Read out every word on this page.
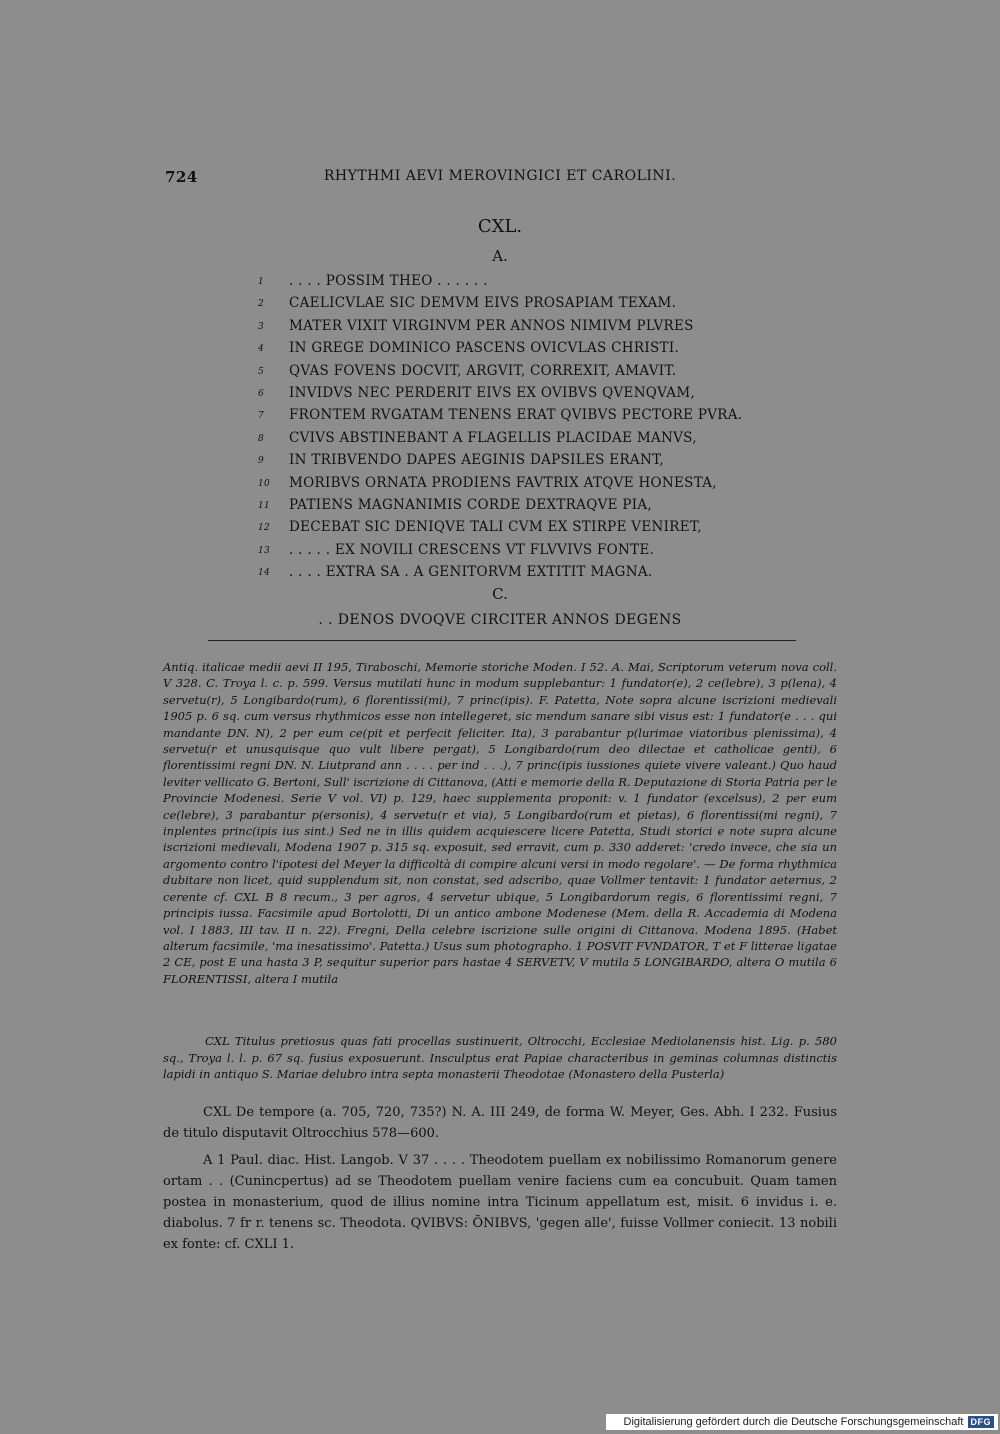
724	RHYTHMI AEVI MEROVINGICI ET CAROLINI.
CXL.
A.
1	. . . . POSSIM THEO . . . . . .
2	CAELICVLAE SIC DEMVM EIVS PROSAPIAM TEXAM.
3	MATER VIXIT VIRGINVM PER ANNOS NIMIVM PLVRES
4	IN GREGE DOMINICO PASCENS OVICVLAS CHRISTI.
5	QVAS FOVENS DOCVIT, ARGVIT, CORREXIT, AMAVIT.
6	INVIDVS NEC PERDERIT EIVS EX OVIBVS QVENQVAM,
7	FRONTEM RVGATAM TENENS ERAT QVIBVS PECTORE PVRA.
8	CVIVS ABSTINEBANT A FLAGELLIS PLACIDAE MANVS,
9	IN TRIBVENDO DAPES AEGINIS DAPSILES ERANT,
10	MORIBVS ORNATA PRODIENS FAVTRIX ATQVE HONESTA,
11	PATIENS MAGNANIMIS CORDE DEXTRAQVE PIA,
12	DECEBAT SIC DENIQVE TALI CVM EX STIRPE VENIRET,
13	. . . . . EX NOVILI CRESCENS VT FLVVIVS FONTE.
14	. . . . EXTRA SA . A GENITORVM EXTITIT MAGNA.
C.
. . DENOS DVOQVE CIRCITER ANNOS DEGENS

Antiq. italicae medii aevi II 195, Tiraboschi, Memorie storiche Moden. I 52. A. Mai, Scriptorum veterum nova coll. V 328. C. Troya l. c. p. 599. Versus mutilati hunc in modum supplebantur: 1 fundator(e), 2 ce(lebre), 3 p(lena), 4 servetu(r), 5 Longibardo(rum), 6 florentissi(mi), 7 princ(ipis). F. Patetta, Note sopra alcune iscrizioni medievali 1905 p. 6 sq. cum versus rhythmicos esse non intellegeret, sic mendum sanare sibi visus est: 1 fundator(e . . . qui mandante DN. N), 2 per eum ce(pit et perfecit feliciter. Ita), 3 parabantur p(lurimae viatoribus plenissima), 4 servetu(r et unusquisque quo vult libere pergat), 5 Longibardo(rum deo dilectae et catholicae genti), 6 florentissimi regni DN. N. Liutprand ann . . . . per ind . . .), 7 princ(ipis iussiones quiete vivere valeant.) Quo haud leviter vellicato G. Bertoni, Sull' iscrizione di Cittanova, (Atti e memorie della R. Deputazione di Storia Patria per le Provincie Modenesi. Serie V vol. VI) p. 129, haec supplementa proponit: v. 1 fundator (excelsus), 2 per eum ce(lebre), 3 parabantur p(ersonis), 4 servetu(r et via), 5 Longibardo(rum et pietas), 6 florentissi(mi regni), 7 inplentes princ(ipis ius sint.) Sed ne in illis quidem acquiescere licere Patetta, Studi storici e note supra alcune iscrizioni medievali, Modena 1907 p. 315 sq. exposuit, sed erravit, cum p. 330 adderet: 'credo invece, che sia un argomento contro l'ipotesi del Meyer la difficoltà di compire alcuni versi in modo regolare'. — De forma rhythmica dubitare non licet, quid supplendum sit, non constat, sed adscribo, quae Vollmer tentavit: 1 fundator aeternus, 2 cerente cf. CXL B 8 recum., 3 per agros, 4 servetur ubique, 5 Longibardorum regis, 6 florentissimi regni, 7 principis iussa. Facsimile apud Bortolotti, Di un antico ambone Modenese (Mem. della R. Accademia di Modena vol. I 1883, III tav. II n. 22). Fregni, Della celebre iscrizione sulle origini di Cittanova. Modena 1895. (Habet alterum facsimile, 'ma inesatissimo'. Patetta.) Usus sum photographo. 1 POSVIT FVNDATOR, T et F litterae ligatae 2 CE, post E una hasta 3 P, sequitur superior pars hastae 4 SERVETV, V mutila 5 LONGIBARDO, altera O mutila 6 FLORENTISSI, altera I mutila

CXL Titulus pretiosus quas fati procellas sustinuerit, Oltrocchi, Ecclesiae Mediolanensis hist. Lig. p. 580 sq., Troya l. l. p. 67 sq. fusius exposuerunt. Insculptus erat Papiae characteribus in geminas columnas distinctis lapidi in antiquo S. Mariae delubro intra septa monasterii Theodotae (Monastero della Pusterla)

CXL De tempore (a. 705, 720, 735?) N. A. III 249, de forma W. Meyer, Ges. Abh. I 232. Fusius de titulo disputavit Oltrocchius 578—600.

A 1 Paul. diac. Hist. Langob. V 37 . . . . Theodotem puellam ex nobilissimo Romanorum genere ortam . . (Cunincpertus) ad se Theodotem puellam venire faciens cum ea concubuit. Quam tamen postea in monasterium, quod de illius nomine intra Ticinum appellatum est, misit. 6 invidus i. e. diabolus. 7 fr r. tenens sc. Theodota. QVIBVS: ÕNIBVS, 'gegen alle', fuisse Vollmer coniecit. 13 nobili ex fonte: cf. CXLI 1.

Digitalisierung gefördert durch die Deutsche Forschungsgemeinschaft DFG
